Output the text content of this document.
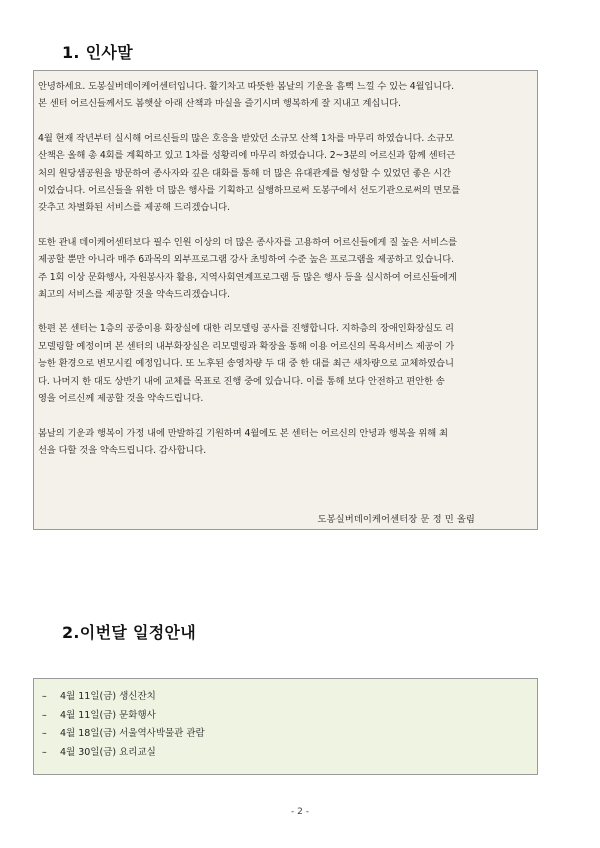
1. 인사말

안녕하세요. 도봉실버데이케어센터입니다. 활기차고 따뜻한 봄날의 기운을 흠뻑 느낄 수 있는 4월입니다.
본 센터 어르신들께서도 봄햇살 아래 산책과 마실을 즐기시며 행복하게 잘 지내고 계십니다.

4월 현재 작년부터 실시해 어르신들의 많은 호응을 받았던 소규모 산책 1차를 마무리 하였습니다. 소규모
산책은 올해 총 4회를 계획하고 있고 1차를 성황리에 마무리 하였습니다. 2~3분의 어르신과 함께 센터근
처의 원당샘공원을 방문하여 종사자와 깊은 대화를 통해 더 많은 유대관계를 형성할 수 있었던 좋은 시간
이었습니다. 어르신들을 위한 더 많은 행사를 기획하고 실행하므로써 도봉구에서 선도기관으로써의 면모를
갖추고 차별화된 서비스를 제공해 드리겠습니다.

또한 관내 데이케어센터보다 필수 인원 이상의 더 많은 종사자를 고용하여 어르신들에게 질 높은 서비스를
제공할 뿐만 아니라 매주 6과목의 외부프로그램 강사 초빙하여 수준 높은 프로그램을 제공하고 있습니다.
주 1회 이상 문화행사, 자원봉사자 활용, 지역사회연계프로그램 등 많은 행사 등을 실시하여 어르신들에게
최고의 서비스를 제공할 것을 약속드리겠습니다.

한편 본 센터는 1층의 공중이용 화장실에 대한 리모델링 공사를 진행합니다. 지하층의 장애인화장실도 리
모델링할 예정이며 본 센터의 내부화장실은 리모델링과 확장을 통해 이용 어르신의 목욕서비스 제공이 가
능한 환경으로 변모시킬 예정입니다. 또 노후된 송영차량 두 대 중 한 대를 최근 새차량으로 교체하였습니
다. 나머지 한 대도 상반기 내에 교체를 목표로 진행 중에 있습니다. 이를 통해 보다 안전하고 편안한 송
영을 어르신께 제공할 것을 약속드립니다.

봄날의 기운과 행복이 가정 내에 만발하길 기원하며 4월에도 본 센터는 어르신의 안녕과 행복을 위해 최
선을 다할 것을 약속드립니다. 감사합니다.

도봉실버데이케어센터장 문 정 민 올림
2.이번달 일정안내
–	4월 11일(금) 생신잔치
–	4월 11일(금) 문화행사
–	4월 18일(금) 서울역사박물관 관람
–	4월 30일(금) 요리교실
- 2 -
